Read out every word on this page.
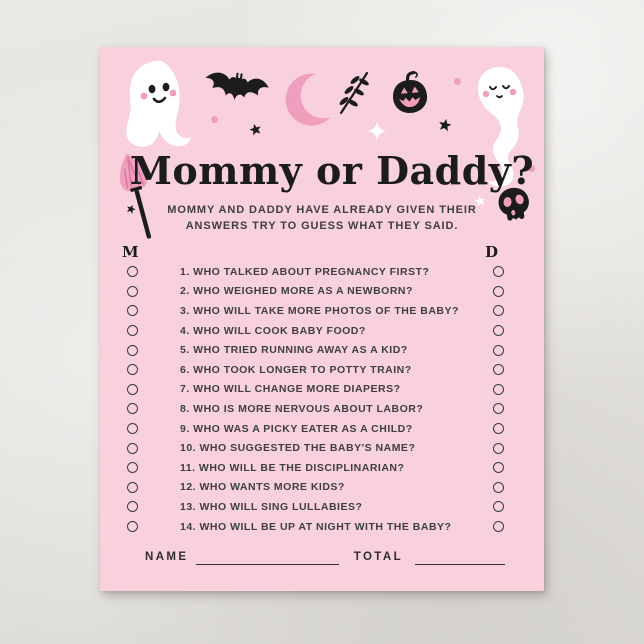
Mommy or Daddy?
MOMMY AND DADDY HAVE ALREADY GIVEN THEIR
ANSWERS TRY TO GUESS WHAT THEY SAID.
M	D
1. WHO TALKED ABOUT PREGNANCY FIRST?
2. WHO WEIGHED MORE AS A NEWBORN?
3. WHO WILL TAKE MORE PHOTOS OF THE BABY?
4. WHO WILL COOK BABY FOOD?
5. WHO TRIED RUNNING AWAY AS A KID?
6. WHO TOOK LONGER TO POTTY TRAIN?
7. WHO WILL CHANGE MORE DIAPERS?
8. WHO IS MORE NERVOUS ABOUT LABOR?
9. WHO WAS A PICKY EATER AS A CHILD?
10. WHO SUGGESTED THE BABY'S NAME?
11. WHO WILL BE THE DISCIPLINARIAN?
12. WHO WANTS MORE KIDS?
13. WHO WILL SING LULLABIES?
14. WHO WILL BE UP AT NIGHT WITH THE BABY?
NAME	TOTAL
